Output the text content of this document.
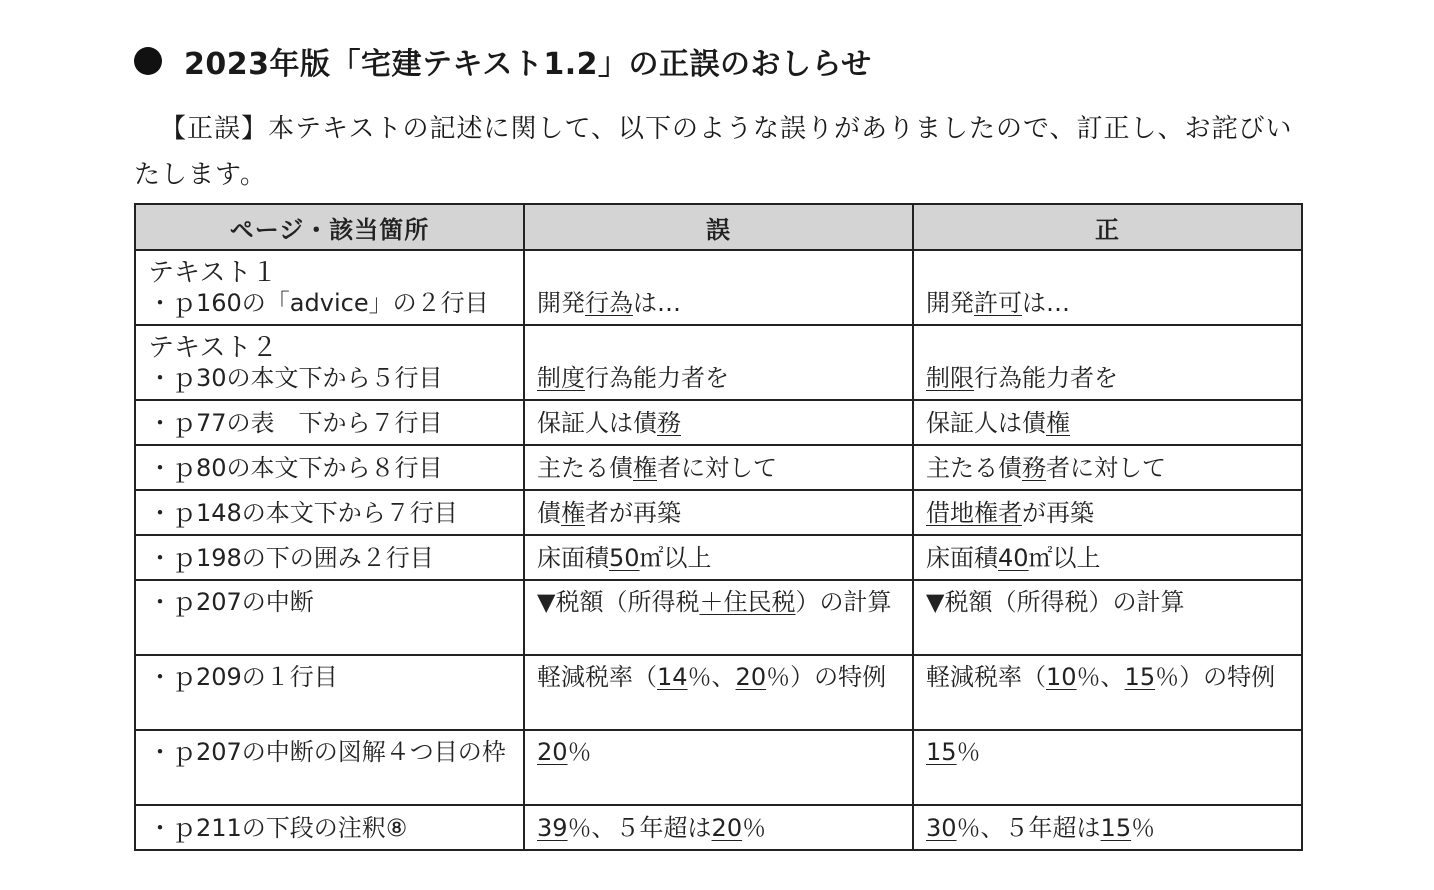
2023年版「宅建テキスト1.2」の正誤のおしらせ

【正誤】本テキストの記述に関して、以下のような誤りがありましたので、訂正し、お詫びいたします。

ページ・該当箇所	誤	正

テキスト１
・ｐ160の「advice」の２行目	開発行為は…	開発許可は…

テキスト２
・ｐ30の本文下から５行目	制度行為能力者を	制限行為能力者を

・ｐ77の表　下から７行目	保証人は債務	保証人は債権

・ｐ80の本文下から８行目	主たる債権者に対して	主たる債務者に対して

・ｐ148の本文下から７行目	債権者が再築	借地権者が再築

・ｐ198の下の囲み２行目	床面積50㎡以上	床面積40㎡以上

・ｐ207の中断	▼税額（所得税＋住民税）の計算	▼税額（所得税）の計算

・ｐ209の１行目	軽減税率（14％、20％）の特例	軽減税率（10％、15％）の特例

・ｐ207の中断の図解４つ目の枠	20％	15％

・ｐ211の下段の注釈⑧	39％、５年超は20％	30％、５年超は15％
